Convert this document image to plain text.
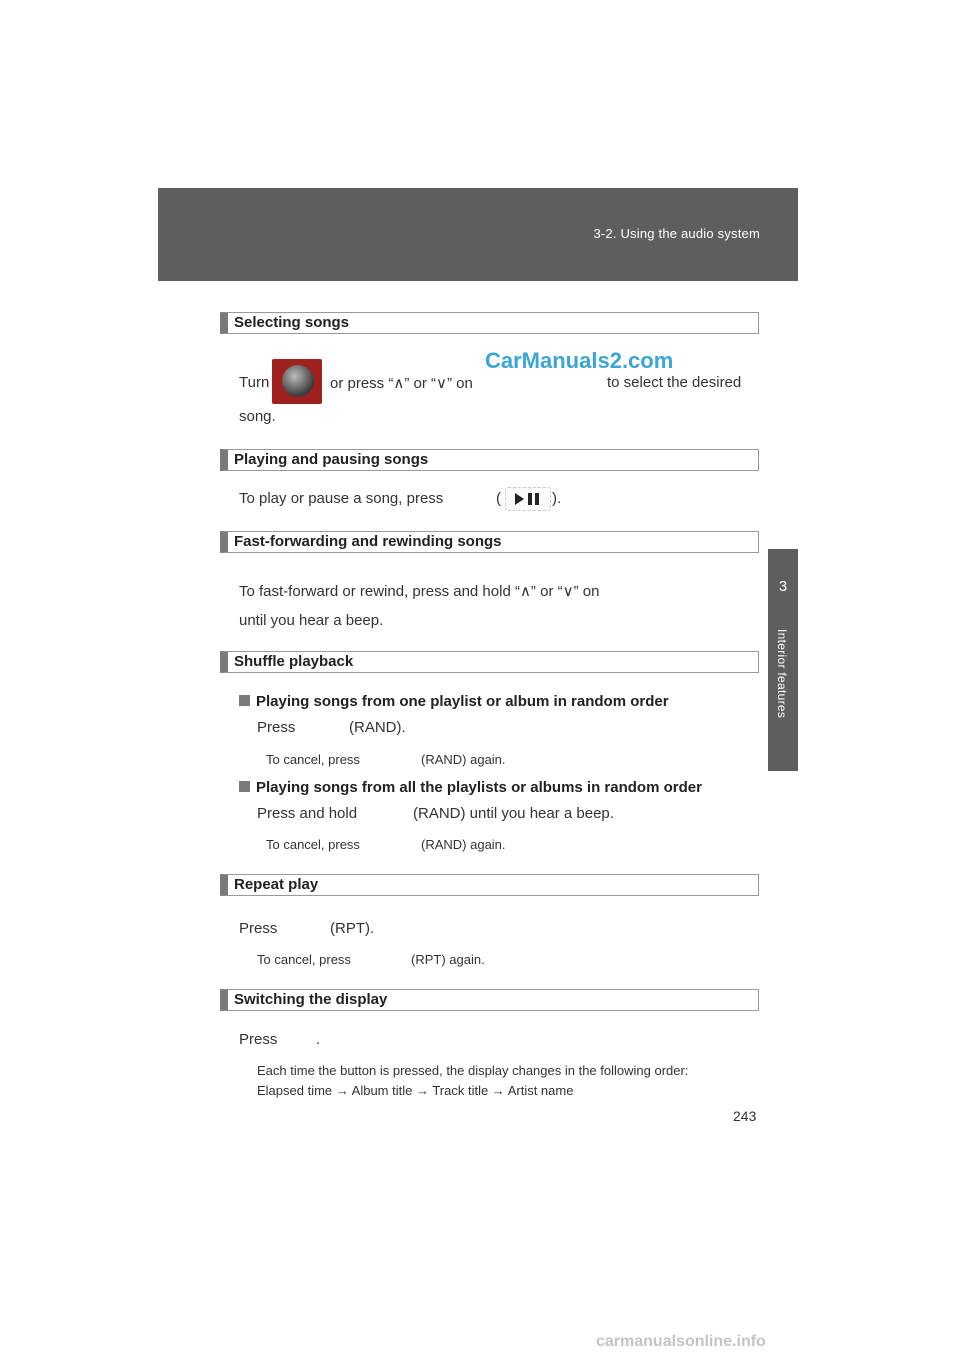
3-2. Using the audio system
3
Interior features
Selecting songs
Turn	or press “∧” or “∨” on	to select the desired
song.
CarManuals2.com
Playing and pausing songs
To play or pause a song, press	(	).
Fast-forwarding and rewinding songs
To fast-forward or rewind, press and hold “∧” or “∨” on
until you hear a beep.
Shuffle playback
Playing songs from one playlist or album in random order
Press	(RAND).
To cancel, press	(RAND) again.
Playing songs from all the playlists or albums in random order
Press and hold	(RAND) until you hear a beep.
To cancel, press	(RAND) again.
Repeat play
Press	(RPT).
To cancel, press	(RPT) again.
Switching the display
Press	.
Each time the button is pressed, the display changes in the following order:
Elapsed time → Album title → Track title → Artist name
243
carmanualsonline.info
